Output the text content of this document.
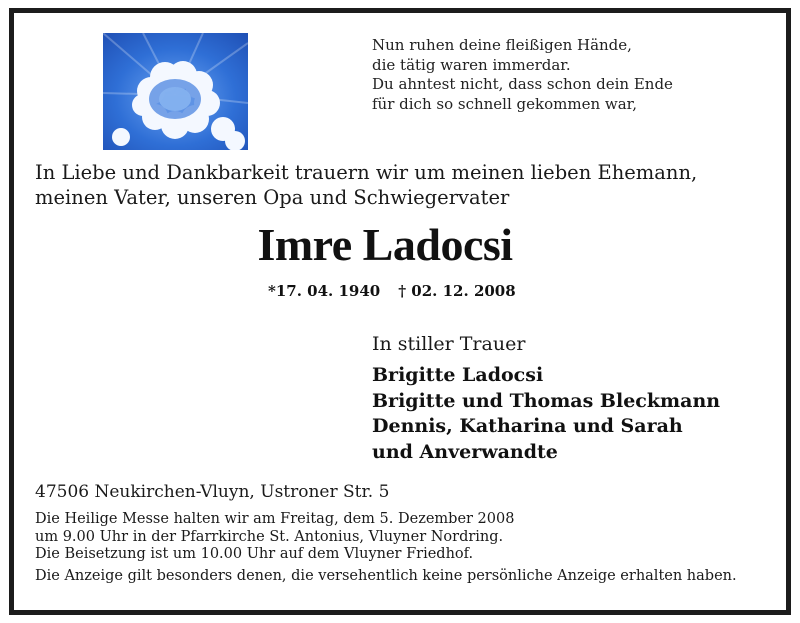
Nun ruhen deine fleißigen Hände,
die tätig waren immerdar.
Du ahntest nicht, dass schon dein Ende
für dich so schnell gekommen war,
In Liebe und Dankbarkeit trauern wir um meinen lieben Ehemann,
meinen Vater, unseren Opa und Schwiegervater
Imre Ladocsi
*17. 04. 1940 † 02. 12. 2008
In stiller Trauer
Brigitte Ladocsi
Brigitte und Thomas Bleckmann
Dennis, Katharina und Sarah
und Anverwandte
47506 Neukirchen-Vluyn, Ustroner Str. 5
Die Heilige Messe halten wir am Freitag, dem 5. Dezember 2008
um 9.00 Uhr in der Pfarrkirche St. Antonius, Vluyner Nordring.
Die Beisetzung ist um 10.00 Uhr auf dem Vluyner Friedhof.
Die Anzeige gilt besonders denen, die versehentlich keine persönliche Anzeige erhalten haben.
